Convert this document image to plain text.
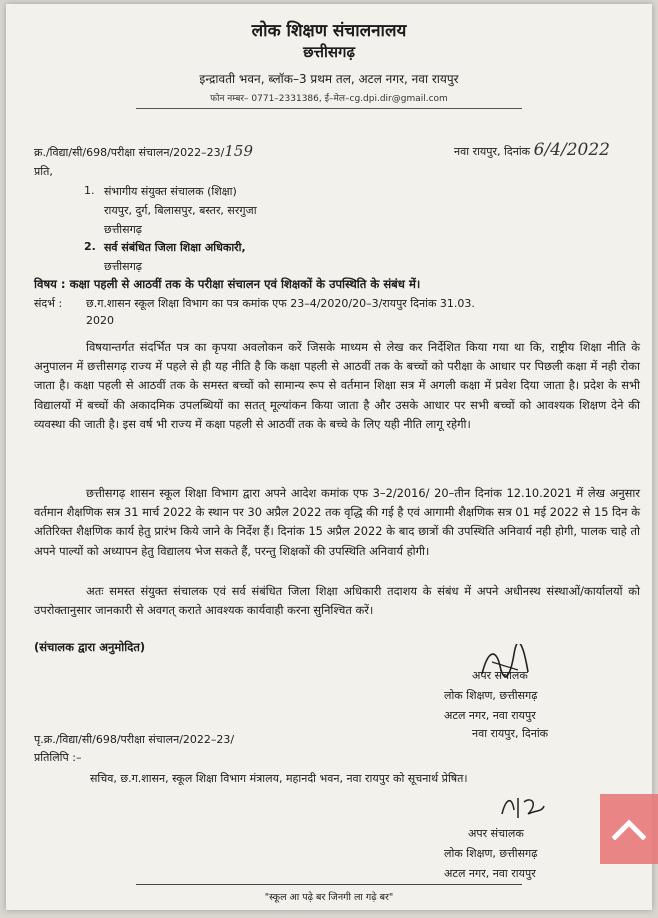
लोक शिक्षण संचालनालय
छत्तीसगढ़
इन्द्रावती भवन, ब्लॉक–3 प्रथम तल, अटल नगर, नवा रायपुर
फोन नम्बर– 0771–2331386, ई–मेल–cg.dpi.dir@gmail.com
क्र./विद्या/सी/698/परीक्षा संचालन/2022–23/159	नवा रायपुर, दिनांक 6/4/2022
प्रति,
1. संभागीय संयुक्त संचालक (शिक्षा)
रायपुर, दुर्ग, बिलासपुर, बस्तर, सरगुजा
छत्तीसगढ़
2. सर्व संबंधित जिला शिक्षा अधिकारी,
छत्तीसगढ़
विषय : कक्षा पहली से आठवीं तक के परीक्षा संचालन एवं शिक्षकों के उपस्थिति के संबंध में।
संदर्भ : छ.ग.शासन स्कूल शिक्षा विभाग का पत्र कमांक एफ 23–4/2020/20–3/रायपुर दिनांक 31.03.
2020
विषयान्तर्गत संदर्भित पत्र का कृपया अवलोकन करें जिसके माध्यम से लेख कर निर्देशित किया गया था कि, राष्ट्रीय शिक्षा नीति के अनुपालन में छत्तीसगढ़ राज्य में पहले से ही यह नीति है कि कक्षा पहली से आठवीं तक के बच्चों को परीक्षा के आधार पर पिछली कक्षा में नही रोका जाता है। कक्षा पहली से आठवीं तक के समस्त बच्चों को सामान्य रूप से वर्तमान शिक्षा सत्र में अगली कक्षा में प्रवेश दिया जाता है। प्रदेश के सभी विद्यालयों में बच्चों की अकादमिक उपलब्धियों का सतत् मूल्यांकन किया जाता है और उसके आधार पर सभी बच्चों को आवश्यक शिक्षण देने की व्यवस्था की जाती है। इस वर्ष भी राज्य में कक्षा पहली से आठवीं तक के बच्चे के लिए यही नीति लागू रहेगी।
छत्तीसगढ़ शासन स्कूल शिक्षा विभाग द्वारा अपने आदेश कमांक एफ 3–2/2016/ 20–तीन दिनांक 12.10.2021 में लेख अनुसार वर्तमान शैक्षणिक सत्र 31 मार्च 2022 के स्थान पर 30 अप्रैल 2022 तक वृद्धि की गई है एवं आगामी शैक्षणिक सत्र 01 मई 2022 से 15 दिन के अतिरिक्त शैक्षणिक कार्य हेतु प्रारंभ किये जाने के निर्देश हैं। दिनांक 15 अप्रैल 2022 के बाद छात्रों की उपस्थिति अनिवार्य नही होगी, पालक चाहे तो अपने पाल्यों को अध्यापन हेतु विद्यालय भेज सकते हैं, परन्तु शिक्षकों की उपस्थिति अनिवार्य होगी।
अतः समस्त संयुक्त संचालक एवं सर्व संबंधित जिला शिक्षा अधिकारी तदाशय के संबंध में अपने अधीनस्थ संस्थाओं/कार्यालयों को उपरोक्तानुसार जानकारी से अवगत् कराते आवश्यक कार्यवाही करना सुनिश्चित करें।
(संचालक द्वारा अनुमोदित)
अपर संचालक
लोक शिक्षण, छत्तीसगढ़
अटल नगर, नवा रायपुर
पृ.क्र./विद्या/सी/698/परीक्षा संचालन/2022–23/	नवा रायपुर, दिनांक
प्रतिलिपि :–
सचिव, छ.ग.शासन, स्कूल शिक्षा विभाग मंत्रालय, महानदी भवन, नवा रायपुर को सूचनार्थ प्रेषित।
अपर संचालक
लोक शिक्षण, छत्तीसगढ़
अटल नगर, नवा रायपुर
"स्कूल आ पढ़े बर जिनगी ला गढ़े बर"
